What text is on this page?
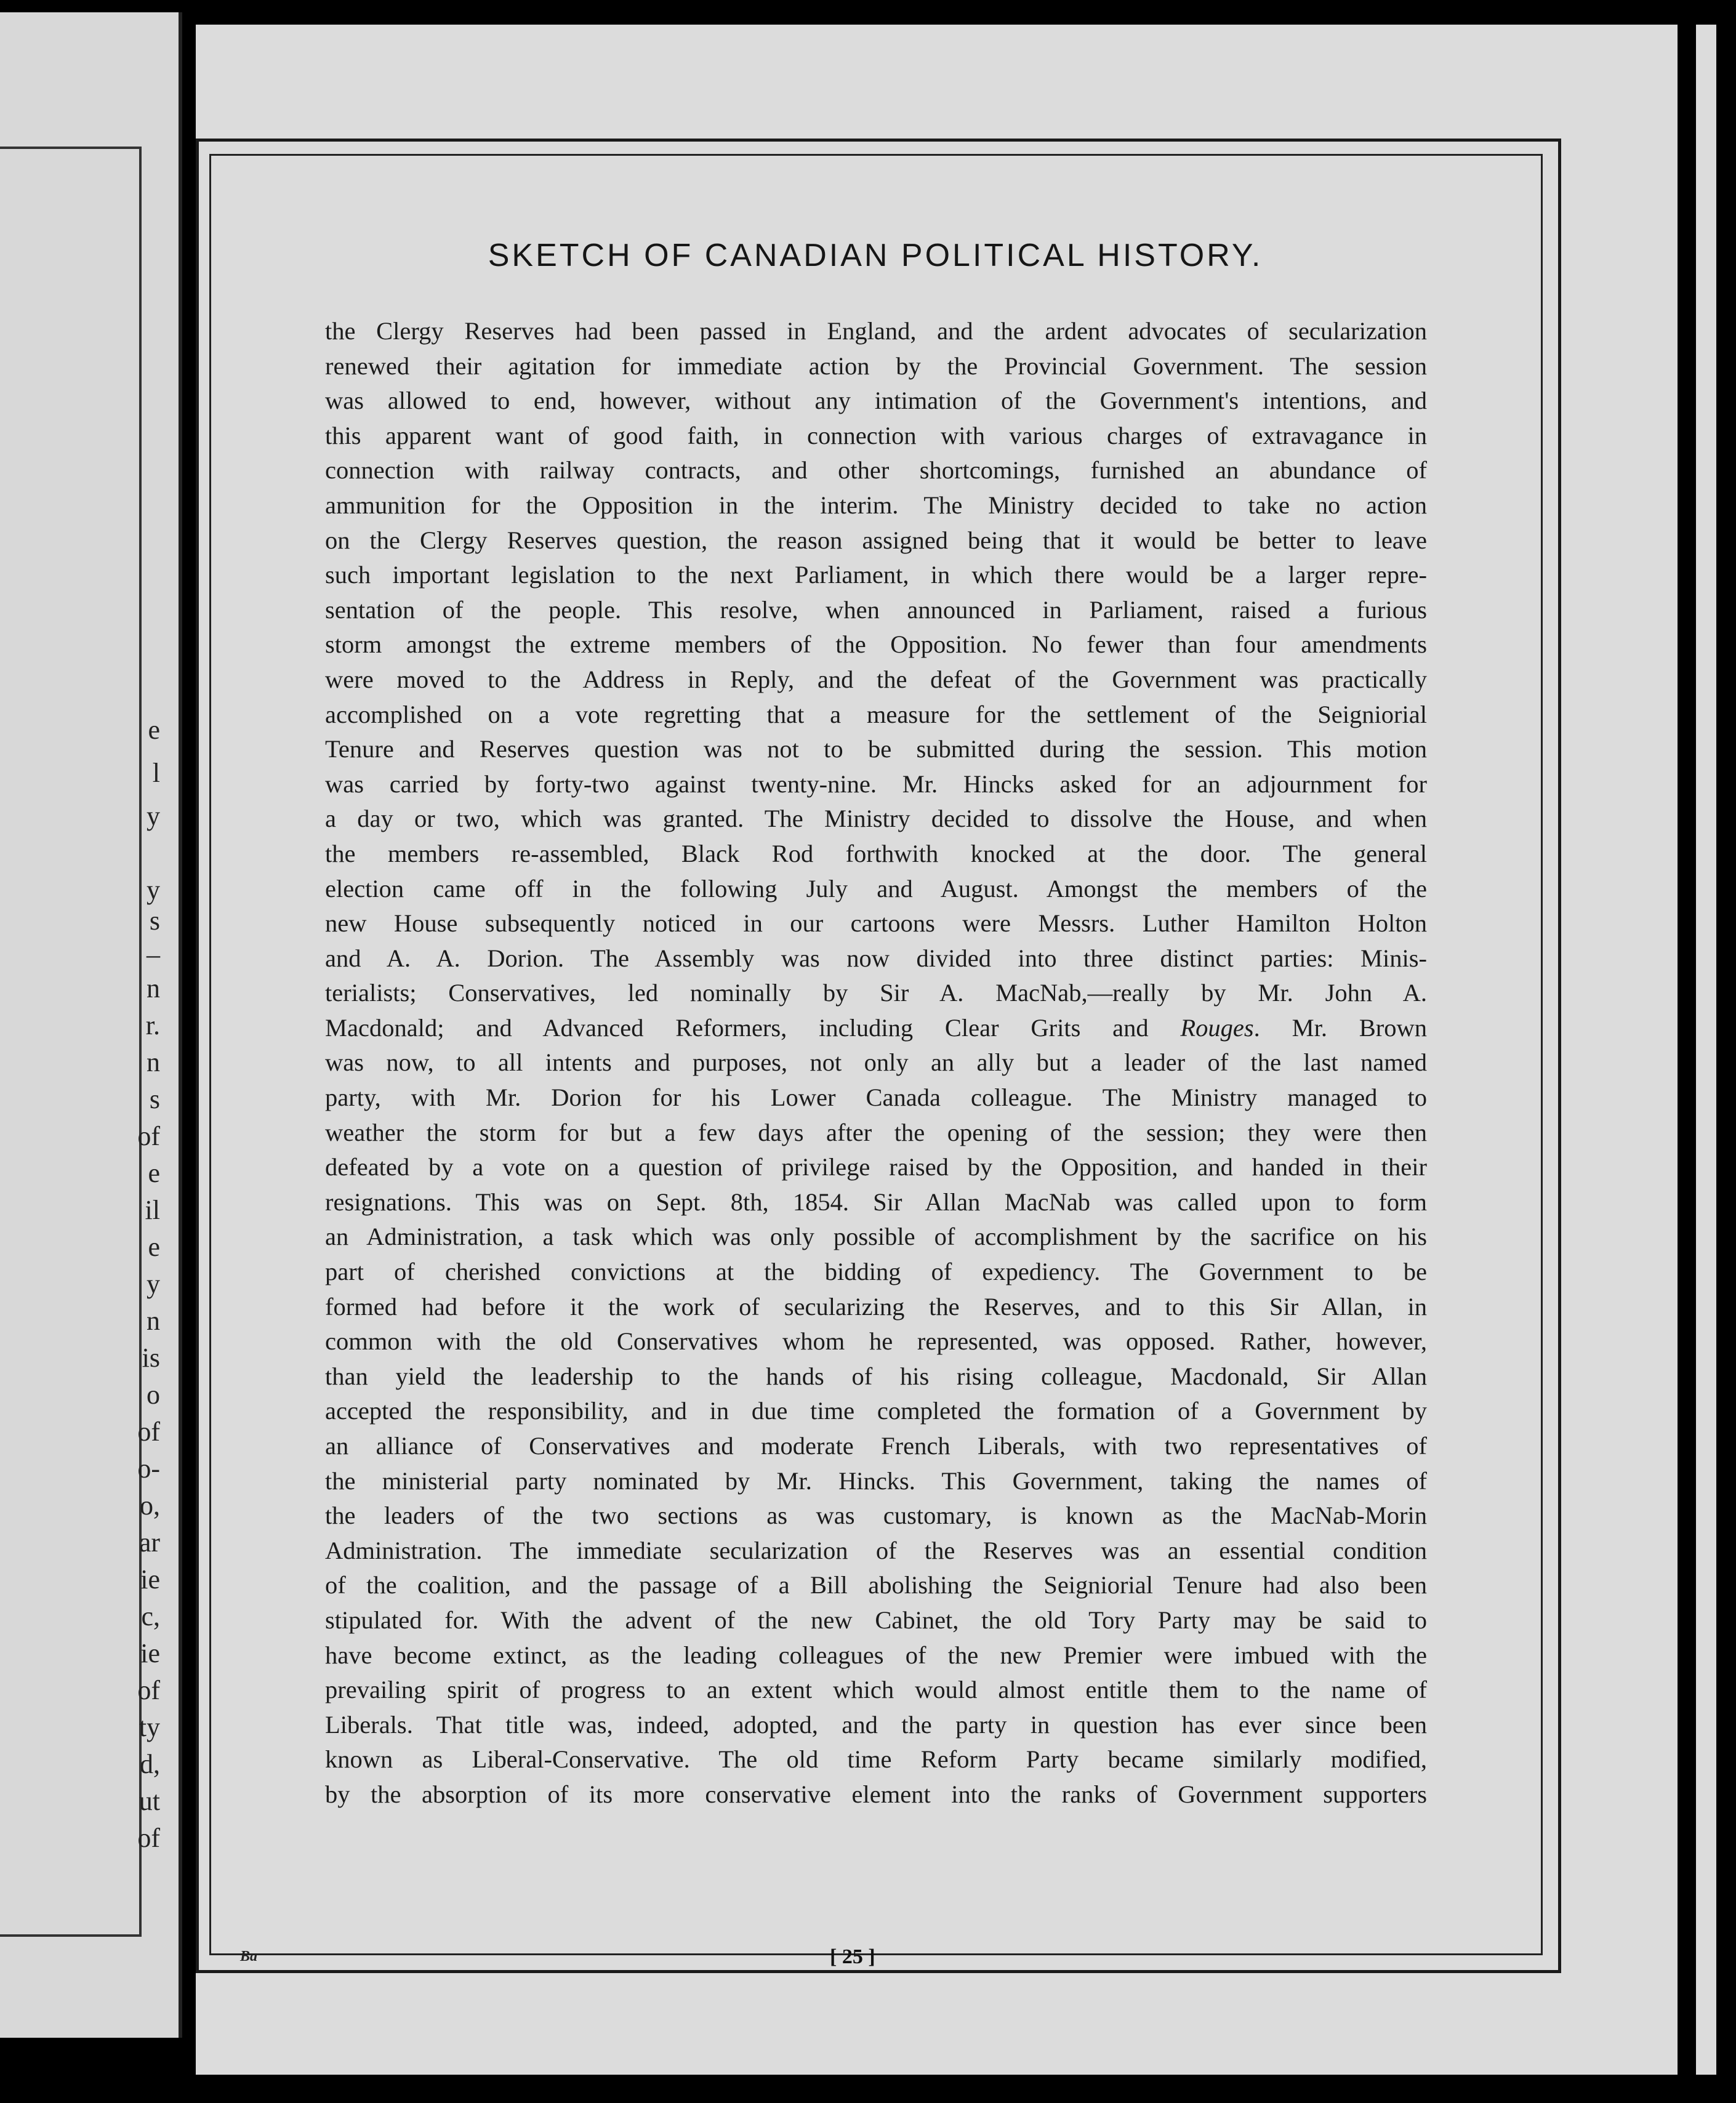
e
l
y
y
s
–
n
r.
n
s
of
e
il
e
y
n
is
o
of
o-
o,
ar
ie
c,
ie
of
ty
d,
ut
of
SKETCH OF CANADIAN POLITICAL HISTORY.
the Clergy Reserves had been passed in England, and the ardent advocates of secularization
renewed their agitation for immediate action by the Provincial Government. The session
was allowed to end, however, without any intimation of the Government's intentions, and
this apparent want of good faith, in connection with various charges of extravagance in
connection with railway contracts, and other shortcomings, furnished an abundance of
ammunition for the Opposition in the interim. The Ministry decided to take no action
on the Clergy Reserves question, the reason assigned being that it would be better to leave
such important legislation to the next Parliament, in which there would be a larger repre-
sentation of the people. This resolve, when announced in Parliament, raised a furious
storm amongst the extreme members of the Opposition. No fewer than four amendments
were moved to the Address in Reply, and the defeat of the Government was practically
accomplished on a vote regretting that a measure for the settlement of the Seigniorial
Tenure and Reserves question was not to be submitted during the session. This motion
was carried by forty-two against twenty-nine. Mr. Hincks asked for an adjournment for
a day or two, which was granted. The Ministry decided to dissolve the House, and when
the members re-assembled, Black Rod forthwith knocked at the door. The general
election came off in the following July and August. Amongst the members of the
new House subsequently noticed in our cartoons were Messrs. Luther Hamilton Holton
and A. A. Dorion. The Assembly was now divided into three distinct parties: Minis-
terialists; Conservatives, led nominally by Sir A. MacNab,—really by Mr. John A.
Macdonald; and Advanced Reformers, including Clear Grits and Rouges. Mr. Brown
was now, to all intents and purposes, not only an ally but a leader of the last named
party, with Mr. Dorion for his Lower Canada colleague. The Ministry managed to
weather the storm for but a few days after the opening of the session; they were then
defeated by a vote on a question of privilege raised by the Opposition, and handed in their
resignations. This was on Sept. 8th, 1854. Sir Allan MacNab was called upon to form
an Administration, a task which was only possible of accomplishment by the sacrifice on his
part of cherished convictions at the bidding of expediency. The Government to be
formed had before it the work of secularizing the Reserves, and to this Sir Allan, in
common with the old Conservatives whom he represented, was opposed. Rather, however,
than yield the leadership to the hands of his rising colleague, Macdonald, Sir Allan
accepted the responsibility, and in due time completed the formation of a Government by
an alliance of Conservatives and moderate French Liberals, with two representatives of
the ministerial party nominated by Mr. Hincks. This Government, taking the names of
the leaders of the two sections as was customary, is known as the MacNab-Morin
Administration. The immediate secularization of the Reserves was an essential condition
of the coalition, and the passage of a Bill abolishing the Seigniorial Tenure had also been
stipulated for. With the advent of the new Cabinet, the old Tory Party may be said to
have become extinct, as the leading colleagues of the new Premier were imbued with the
prevailing spirit of progress to an extent which would almost entitle them to the name of
Liberals. That title was, indeed, adopted, and the party in question has ever since been
known as Liberal-Conservative. The old time Reform Party became similarly modified,
by the absorption of its more conservative element into the ranks of Government supporters
Ba	[ 25 ]
